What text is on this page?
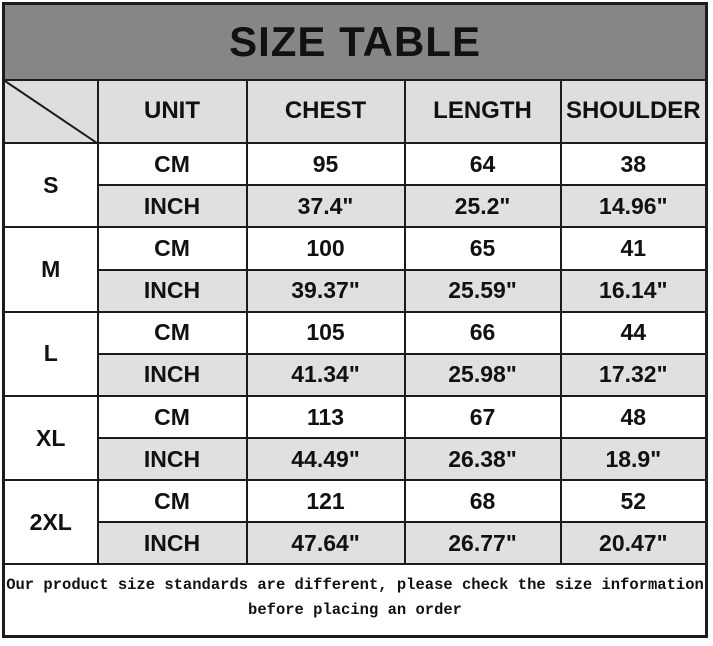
SIZE TABLE				

	UNIT	CHEST	LENGTH	SHOULDER
S	CM	95	64	38
	INCH	37.4"	25.2"	14.96"
M	CM	100	65	41
	INCH	39.37"	25.59"	16.14"
L	CM	105	66	44
	INCH	41.34"	25.98"	17.32"
XL	CM	113	67	48
	INCH	44.49"	26.38"	18.9"
2XL	CM	121	68	52
	INCH	47.64"	26.77"	20.47"

Our product size standards are different, please check the size information
before placing an order				
